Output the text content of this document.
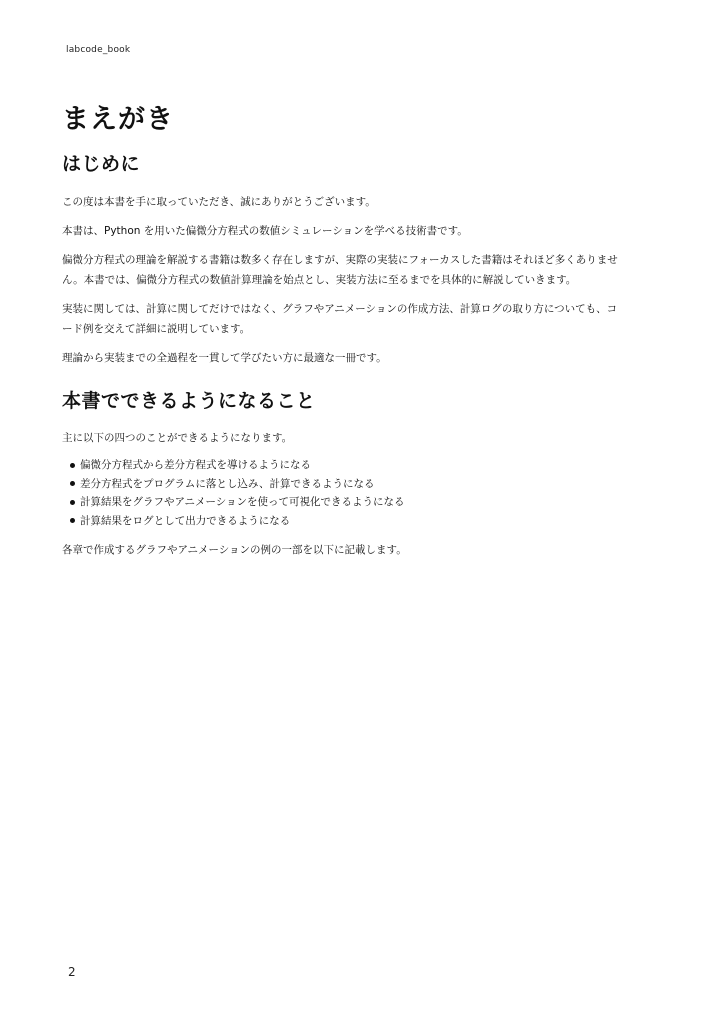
labcode_book
まえがき
はじめに

この度は本書を手に取っていただき、誠にありがとうございます。

本書は、Python を用いた偏微分方程式の数値シミュレーションを学べる技術書です。

偏微分方程式の理論を解説する書籍は数多く存在しますが、実際の実装にフォーカスした書籍はそれほど多くありません。本書では、偏微分方程式の数値計算理論を始点とし、実装方法に至るまでを具体的に解説していきます。

実装に関しては、計算に関してだけではなく、グラフやアニメーションの作成方法、計算ログの取り方についても、コード例を交えて詳細に説明しています。

理論から実装までの全過程を一貫して学びたい方に最適な一冊です。

本書でできるようになること

主に以下の四つのことができるようになります。

偏微分方程式から差分方程式を導けるようになる
差分方程式をプログラムに落とし込み、計算できるようになる
計算結果をグラフやアニメーションを使って可視化できるようになる
計算結果をログとして出力できるようになる

各章で作成するグラフやアニメーションの例の一部を以下に記載します。

2
